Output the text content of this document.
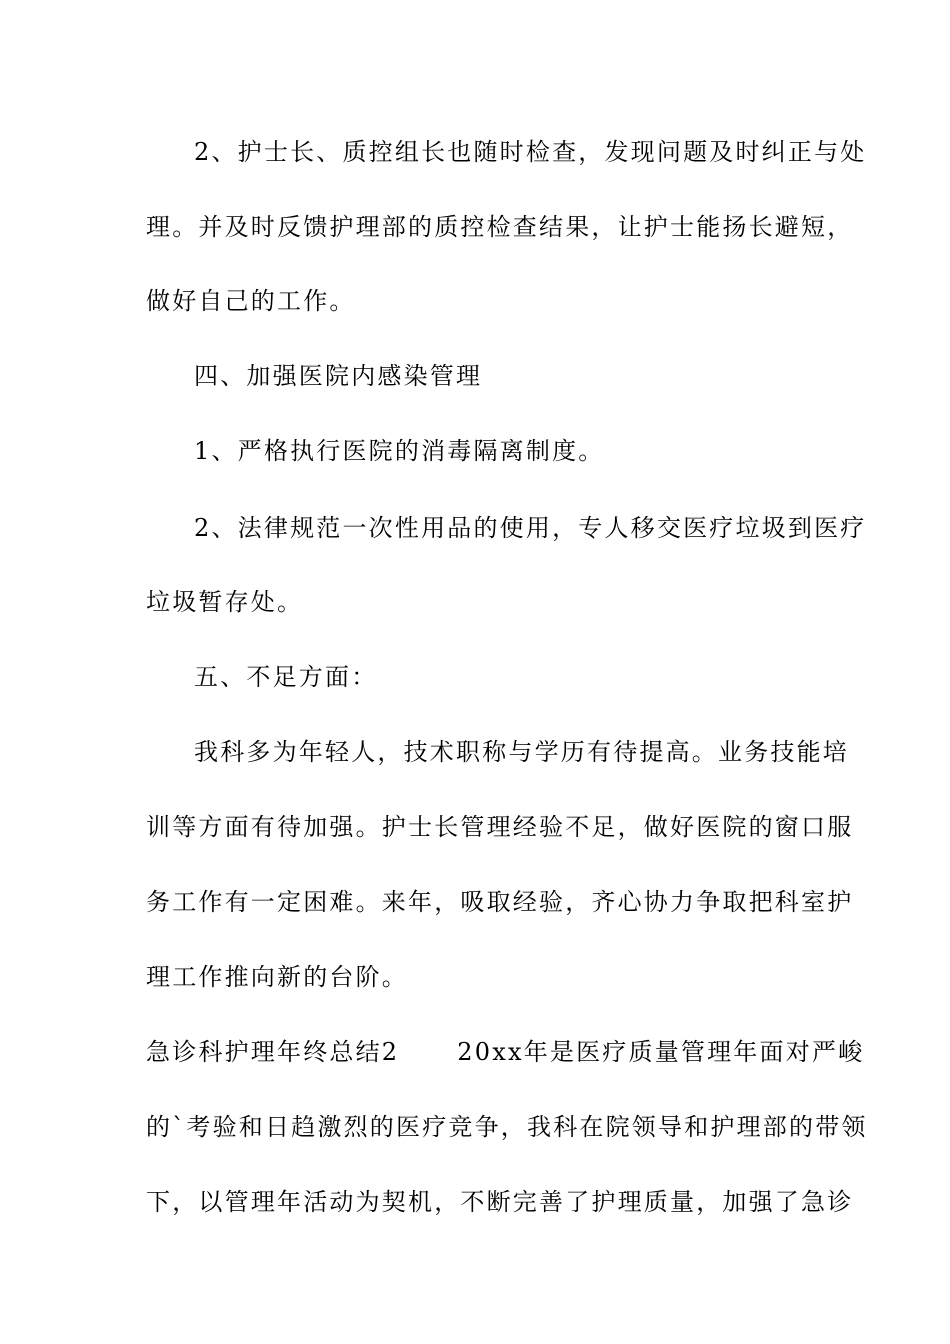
2、护士长、质控组长也随时检查，发现问题及时纠正与处
理。并及时反馈护理部的质控检查结果，让护士能扬长避短，
做好自己的工作。
四、加强医院内感染管理
1、严格执行医院的消毒隔离制度。
2、法律规范一次性用品的使用，专人移交医疗垃圾到医疗
垃圾暂存处。
五、不足方面：
我科多为年轻人，技术职称与学历有待提高。业务技能培
训等方面有待加强。护士长管理经验不足，做好医院的窗口服
务工作有一定困难。来年，吸取经验，齐心协力争取把科室护
理工作推向新的台阶。
急诊科护理年终总结2 20xx年是医疗质量管理年面对严峻
的`考验和日趋激烈的医疗竞争，我科在院领导和护理部的带领
下，以管理年活动为契机，不断完善了护理质量，加强了急诊
